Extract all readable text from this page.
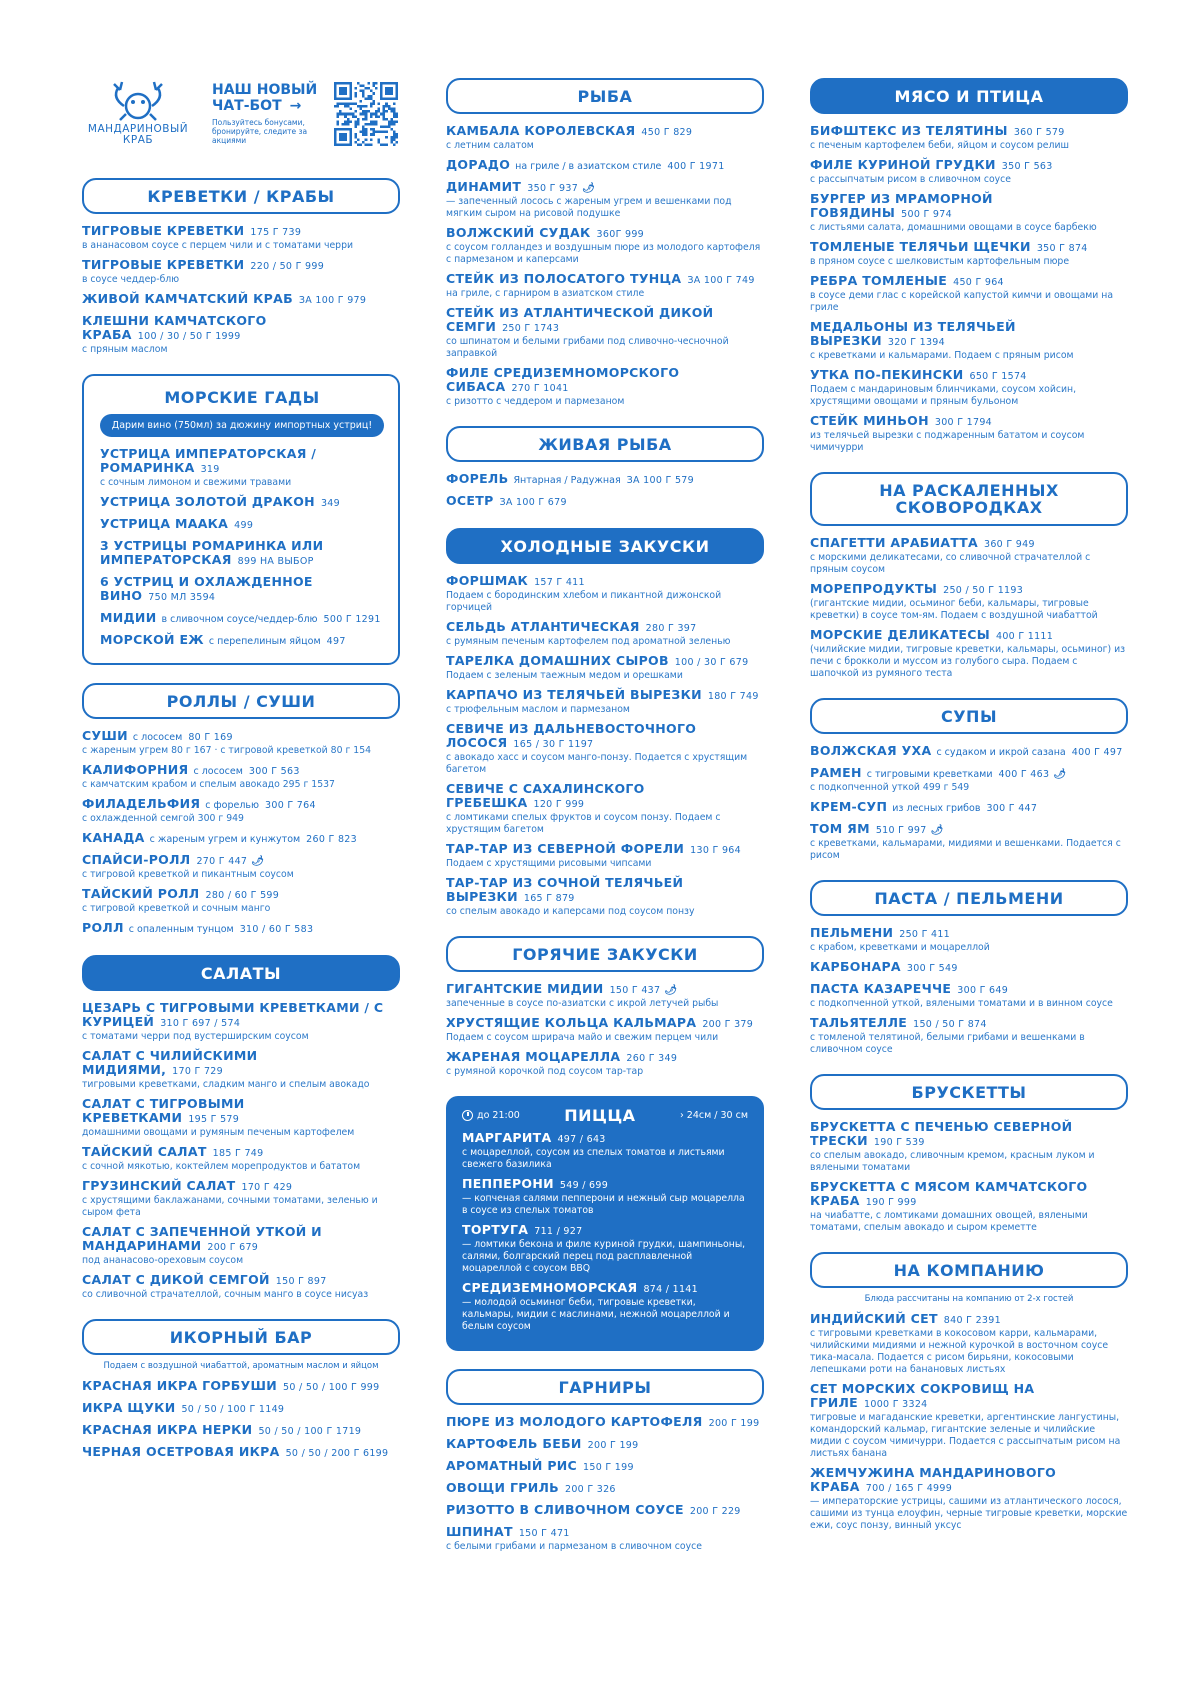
МАНДАРИНОВЫЙ
КРАБ
НАШ НОВЫЙ
ЧАТ-БОТ →
Пользуйтесь бонусами, бронируйте, следите за акциями
КРЕВЕТКИ / КРАБЫ
ТИГРОВЫЕ КРЕВЕТКИ 175 Г 739
в ананасовом соусе с перцем чили и с томатами черри
ТИГРОВЫЕ КРЕВЕТКИ 220 / 50 Г 999
в соусе чеддер-блю
ЖИВОЙ КАМЧАТСКИЙ КРАБ ЗА 100 Г 979
КЛЕШНИ КАМЧАТСКОГО КРАБА 100 / 30 / 50 Г 1999
с пряным маслом
МОРСКИЕ ГАДЫ
Дарим вино (750мл) за дюжину импортных устриц!
УСТРИЦА ИМПЕРАТОРСКАЯ / РОМАРИНКА 319
с сочным лимоном и свежими травами
УСТРИЦА ЗОЛОТОЙ ДРАКОН 349
УСТРИЦА МААКА 499
3 УСТРИЦЫ РОМАРИНКА ИЛИ ИМПЕРАТОРСКАЯ 899 НА ВЫБОР
6 УСТРИЦ И ОХЛАЖДЕННОЕ ВИНО 750 МЛ 3594
МИДИИ в сливочном соусе/чеддер-блю 500 Г 1291
МОРСКОЙ ЕЖ с перепелиным яйцом 497
РОЛЛЫ / СУШИ
СУШИ с лососем 80 Г 169
с жареным угрем 80 г 167 · с тигровой креветкой 80 г 154
КАЛИФОРНИЯ с лососем 300 Г 563
с камчатским крабом и спелым авокадо 295 г 1537
ФИЛАДЕЛЬФИЯ с форелью 300 Г 764
с охлажденной семгой 300 г 949
КАНАДА с жареным угрем и кунжутом 260 Г 823
СПАЙСИ-РОЛЛ 270 Г 447 🌶︎
с тигровой креветкой и пикантным соусом
ТАЙСКИЙ РОЛЛ 280 / 60 Г 599
с тигровой креветкой и сочным манго
РОЛЛ с опаленным тунцом 310 / 60 Г 583
САЛАТЫ
ЦЕЗАРЬ С ТИГРОВЫМИ КРЕВЕТКАМИ / С КУРИЦЕЙ 310 Г 697 / 574
с томатами черри под вустерширским соусом
САЛАТ С ЧИЛИЙСКИМИ МИДИЯМИ, 170 Г 729
тигровыми креветками, сладким манго и спелым авокадо
САЛАТ С ТИГРОВЫМИ КРЕВЕТКАМИ 195 Г 579
домашними овощами и румяным печеным картофелем
ТАЙСКИЙ САЛАТ 185 Г 749
с сочной мякотью, коктейлем морепродуктов и бататом
ГРУЗИНСКИЙ САЛАТ 170 Г 429
с хрустящими баклажанами, сочными томатами, зеленью и сыром фета
САЛАТ С ЗАПЕЧЕННОЙ УТКОЙ И МАНДАРИНАМИ 200 Г 679
под ананасово-ореховым соусом
САЛАТ С ДИКОЙ СЕМГОЙ 150 Г 897
со сливочной страчателлой, сочным манго в соусе нисуаз
ИКОРНЫЙ БАР
Подаем с воздушной чиабаттой, ароматным маслом и яйцом
КРАСНАЯ ИКРА ГОРБУШИ 50 / 50 / 100 Г 999
ИКРА ЩУКИ 50 / 50 / 100 Г 1149
КРАСНАЯ ИКРА НЕРКИ 50 / 50 / 100 Г 1719
ЧЕРНАЯ ОСЕТРОВАЯ ИКРА 50 / 50 / 200 Г 6199
РЫБА
КАМБАЛА КОРОЛЕВСКАЯ 450 Г 829
с летним салатом
ДОРАДО на гриле / в азиатском стиле 400 Г 1971
ДИНАМИТ 350 Г 937 🌶︎
— запеченный лосось с жареным угрем и вешенками под мягким сыром на рисовой подушке
ВОЛЖСКИЙ СУДАК 360Г 999
с соусом голландез и воздушным пюре из молодого картофеля с пармезаном и каперсами
СТЕЙК ИЗ ПОЛОСАТОГО ТУНЦА ЗА 100 Г 749
на гриле, с гарниром в азиатском стиле
СТЕЙК ИЗ АТЛАНТИЧЕСКОЙ ДИКОЙ СЕМГИ 250 Г 1743
со шпинатом и белыми грибами под сливочно-чесночной заправкой
ФИЛЕ СРЕДИЗЕМНОМОРСКОГО СИБАСА 270 Г 1041
с ризотто с чеддером и пармезаном
ЖИВАЯ РЫБА
ФОРЕЛЬ Янтарная / Радужная ЗА 100 Г 579
ОСЕТР ЗА 100 Г 679
ХОЛОДНЫЕ ЗАКУСКИ
ФОРШМАК 157 Г 411
Подаем с бородинским хлебом и пикантной дижонской горчицей
СЕЛЬДЬ АТЛАНТИЧЕСКАЯ 280 Г 397
с румяным печеным картофелем под ароматной зеленью
ТАРЕЛКА ДОМАШНИХ СЫРОВ 100 / 30 Г 679
Подаем с зеленым таежным медом и орешками
КАРПАЧО ИЗ ТЕЛЯЧЬЕЙ ВЫРЕЗКИ 180 Г 749
с трюфельным маслом и пармезаном
СЕВИЧЕ ИЗ ДАЛЬНЕВОСТОЧНОГО ЛОСОСЯ 165 / 30 Г 1197
с авокадо хасс и соусом манго-понзу. Подается с хрустящим багетом
СЕВИЧЕ С САХАЛИНСКОГО ГРЕБЕШКА 120 Г 999
с ломтиками спелых фруктов и соусом понзу. Подаем с хрустящим багетом
ТАР-ТАР ИЗ СЕВЕРНОЙ ФОРЕЛИ 130 Г 964
Подаем с хрустящими рисовыми чипсами
ТАР-ТАР ИЗ СОЧНОЙ ТЕЛЯЧЬЕЙ ВЫРЕЗКИ 165 Г 879
со спелым авокадо и каперсами под соусом понзу
ГОРЯЧИЕ ЗАКУСКИ
ГИГАНТСКИЕ МИДИИ 150 Г 437 🌶︎
запеченные в соусе по-азиатски с икрой летучей рыбы
ХРУСТЯЩИЕ КОЛЬЦА КАЛЬМАРА 200 Г 379
Подаем с соусом шрирача майо и свежим перцем чили
ЖАРЕНАЯ МОЦАРЕЛЛА 260 Г 349
с румяной корочкой под соусом тар-тар
до 21:00	ПИЦЦА	› 24см / 30 см
МАРГАРИТА 497 / 643
с моцареллой, соусом из спелых томатов и листьями свежего базилика
ПЕППЕРОНИ 549 / 699
— копченая салями пепперони и нежный сыр моцарелла в соусе из спелых томатов
ТОРТУГА 711 / 927
— ломтики бекона и филе куриной грудки, шампиньоны, салями, болгарский перец под расплавленной моцареллой с соусом BBQ
СРЕДИЗЕМНОМОРСКАЯ 874 / 1141
— молодой осьминог беби, тигровые креветки, кальмары, мидии с маслинами, нежной моцареллой и белым соусом
ГАРНИРЫ
ПЮРЕ ИЗ МОЛОДОГО КАРТОФЕЛЯ 200 Г 199
КАРТОФЕЛЬ БЕБИ 200 Г 199
АРОМАТНЫЙ РИС 150 Г 199
ОВОЩИ ГРИЛЬ 200 Г 326
РИЗОТТО В СЛИВОЧНОМ СОУСЕ 200 Г 229
ШПИНАТ 150 Г 471
с белыми грибами и пармезаном в сливочном соусе
МЯСО И ПТИЦА
БИФШТЕКС ИЗ ТЕЛЯТИНЫ 360 Г 579
с печеным картофелем беби, яйцом и соусом релиш
ФИЛЕ КУРИНОЙ ГРУДКИ 350 Г 563
с рассыпчатым рисом в сливочном соусе
БУРГЕР ИЗ МРАМОРНОЙ ГОВЯДИНЫ 500 Г 974
с листьями салата, домашними овощами в соусе барбекю
ТОМЛЕНЫЕ ТЕЛЯЧЬИ ЩЕЧКИ 350 Г 874
в пряном соусе с шелковистым картофельным пюре
РЕБРА ТОМЛЕНЫЕ 450 Г 964
в соусе деми глас с корейской капустой кимчи и овощами на гриле
МЕДАЛЬОНЫ ИЗ ТЕЛЯЧЬЕЙ ВЫРЕЗКИ 320 Г 1394
с креветками и кальмарами. Подаем с пряным рисом
УТКА ПО-ПЕКИНСКИ 650 Г 1574
Подаем с мандариновым блинчиками, соусом хойсин, хрустящими овощами и пряным бульоном
СТЕЙК МИНЬОН 300 Г 1794
из телячьей вырезки с поджаренным бататом и соусом чимичурри
НА РАСКАЛЕННЫХ СКОВОРОДКАХ
СПАГЕТТИ АРАБИАТТА 360 Г 949
с морскими деликатесами, со сливочной страчателлой с пряным соусом
МОРЕПРОДУКТЫ 250 / 50 Г 1193
(гигантские мидии, осьминог беби, кальмары, тигровые креветки) в соусе том-ям. Подаем с воздушной чиабаттой
МОРСКИЕ ДЕЛИКАТЕСЫ 400 Г 1111
(чилийские мидии, тигровые креветки, кальмары, осьминог) из печи с брокколи и муссом из голубого сыра. Подаем с шапочкой из румяного теста
СУПЫ
ВОЛЖСКАЯ УХА с судаком и икрой сазана 400 Г 497
РАМЕН с тигровыми креветками 400 Г 463 🌶︎
с подкопченной уткой 499 г 549
КРЕМ-СУП из лесных грибов 300 Г 447
ТОМ ЯМ 510 Г 997 🌶︎
с креветками, кальмарами, мидиями и вешенками. Подается с рисом
ПАСТА / ПЕЛЬМЕНИ
ПЕЛЬМЕНИ 250 Г 411
с крабом, креветками и моцареллой
КАРБОНАРА 300 Г 549
ПАСТА КАЗАРЕЧЧЕ 300 Г 649
с подкопченной уткой, вялеными томатами и в винном соусе
ТАЛЬЯТЕЛЛЕ 150 / 50 Г 874
с томленой телятиной, белыми грибами и вешенками в сливочном соусе
БРУСКЕТТЫ
БРУСКЕТТА С ПЕЧЕНЬЮ СЕВЕРНОЙ ТРЕСКИ 190 Г 539
со спелым авокадо, сливочным кремом, красным луком и вялеными томатами
БРУСКЕТТА С МЯСОМ КАМЧАТСКОГО КРАБА 190 Г 999
на чиабатте, с ломтиками домашних овощей, вялеными томатами, спелым авокадо и сыром креметте
НА КОМПАНИЮ
Блюда рассчитаны на компанию от 2-х гостей
ИНДИЙСКИЙ СЕТ 840 Г 2391
с тигровыми креветками в кокосовом карри, кальмарами, чилийскими мидиями и нежной курочкой в восточном соусе тика-масала. Подается с рисом бирьяни, кокосовыми лепешками роти на банановых листьях
СЕТ МОРСКИХ СОКРОВИЩ НА ГРИЛЕ 1000 Г 3324
тигровые и магаданские креветки, аргентинские лангустины, командорский кальмар, гигантские зеленые и чилийские мидии с соусом чимичурри. Подается с рассыпчатым рисом на листьях банана
ЖЕМЧУЖИНА МАНДАРИНОВОГО КРАБА 700 / 165 Г 4999
— императорские устрицы, сашими из атлантического лосося, сашими из тунца елоуфин, черные тигровые креветки, морские ежи, соус понзу, винный уксус
